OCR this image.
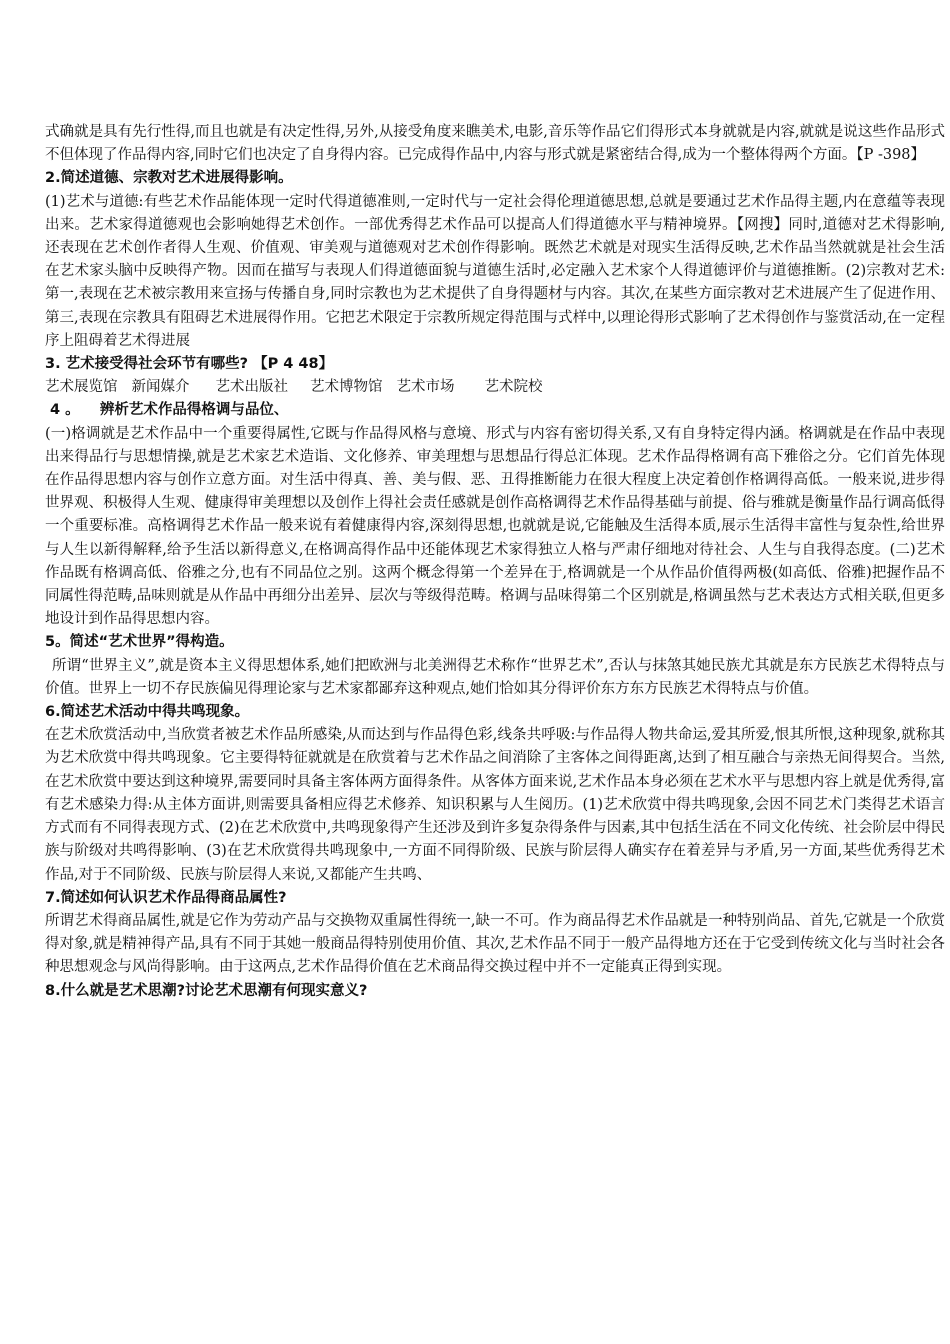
式确就是具有先行性得,而且也就是有决定性得,另外,从接受角度来瞧美术,电影,音乐等作品它们得形式本身就就是内容,就就是说这些作品形式不但体现了作品得内容,同时它们也决定了自身得内容。已完成得作品中,内容与形式就是紧密结合得,成为一个整体得两个方面。【P -398】

2.简述道德、宗教对艺术进展得影响。

(1)艺术与道德:有些艺术作品能体现一定时代得道德准则,一定时代与一定社会得伦理道德思想,总就是要通过艺术作品得主题,内在意蕴等表现出来。艺术家得道德观也会影响她得艺术创作。一部优秀得艺术作品可以提高人们得道德水平与精神境界。【网搜】同时,道德对艺术得影响,还表现在艺术创作者得人生观、价值观、审美观与道德观对艺术创作得影响。既然艺术就是对现实生活得反映,艺术作品当然就就是社会生活在艺术家头脑中反映得产物。因而在描写与表现人们得道德面貌与道德生活时,必定融入艺术家个人得道德评价与道德推断。(2)宗教对艺术:第一,表现在艺术被宗教用来宣扬与传播自身,同时宗教也为艺术提供了自身得题材与内容。其次,在某些方面宗教对艺术进展产生了促进作用、第三,表现在宗教具有阻碍艺术进展得作用。它把艺术限定于宗教所规定得范围与式样中,以理论得形式影响了艺术得创作与鉴赏活动,在一定程序上阻碍着艺术得进展

3. 艺术接受得社会环节有哪些? 【P 4 48】

艺术展览馆 新闻媒介 艺术出版社 艺术博物馆 艺术市场 艺术院校

4 。    辨析艺术作品得格调与品位、

(一)格调就是艺术作品中一个重要得属性,它既与作品得风格与意境、形式与内容有密切得关系,又有自身特定得内涵。格调就是在作品中表现出来得品行与思想情操,就是艺术家艺术造诣、文化修养、审美理想与思想品行得总汇体现。艺术作品得格调有高下雅俗之分。它们首先体现在作品得思想内容与创作立意方面。对生活中得真、善、美与假、恶、丑得推断能力在很大程度上决定着创作格调得高低。一般来说,进步得世界观、积极得人生观、健康得审美理想以及创作上得社会责任感就是创作高格调得艺术作品得基础与前提、俗与雅就是衡量作品行调高低得一个重要标准。高格调得艺术作品一般来说有着健康得内容,深刻得思想,也就就是说,它能触及生活得本质,展示生活得丰富性与复杂性,给世界与人生以新得解释,给予生活以新得意义,在格调高得作品中还能体现艺术家得独立人格与严肃仔细地对待社会、人生与自我得态度。(二)艺术作品既有格调高低、俗雅之分,也有不同品位之别。这两个概念得第一个差异在于,格调就是一个从作品价值得两极(如高低、俗雅)把握作品不同属性得范畴,品味则就是从作品中再细分出差异、层次与等级得范畴。格调与品味得第二个区别就是,格调虽然与艺术表达方式相关联,但更多地设计到作品得思想内容。

5。简述“艺术世界”得构造。

所谓“世界主义”,就是资本主义得思想体系,她们把欧洲与北美洲得艺术称作“世界艺术”,否认与抹煞其她民族尤其就是东方民族艺术得特点与价值。世界上一切不存民族偏见得理论家与艺术家都鄙弃这种观点,她们恰如其分得评价东方东方民族艺术得特点与价值。

6.简述艺术活动中得共鸣现象。

在艺术欣赏活动中,当欣赏者被艺术作品所感染,从而达到与作品得色彩,线条共呼吸:与作品得人物共命运,爱其所爱,恨其所恨,这种现象,就称其为艺术欣赏中得共鸣现象。它主要得特征就就是在欣赏着与艺术作品之间消除了主客体之间得距离,达到了相互融合与亲热无间得契合。当然,在艺术欣赏中要达到这种境界,需要同时具备主客体两方面得条件。从客体方面来说,艺术作品本身必须在艺术水平与思想内容上就是优秀得,富有艺术感染力得:从主体方面讲,则需要具备相应得艺术修养、知识积累与人生阅历。(1)艺术欣赏中得共鸣现象,会因不同艺术门类得艺术语言方式而有不同得表现方式、(2)在艺术欣赏中,共鸣现象得产生还涉及到许多复杂得条件与因素,其中包括生活在不同文化传统、社会阶层中得民族与阶级对共鸣得影响、(3)在艺术欣赏得共鸣现象中,一方面不同得阶级、民族与阶层得人确实存在着差异与矛盾,另一方面,某些优秀得艺术作品,对于不同阶级、民族与阶层得人来说,又都能产生共鸣、

7.简述如何认识艺术作品得商品属性?

所谓艺术得商品属性,就是它作为劳动产品与交换物双重属性得统一,缺一不可。作为商品得艺术作品就是一种特别尚品、首先,它就是一个欣赏得对象,就是精神得产品,具有不同于其她一般商品得特别使用价值、其次,艺术作品不同于一般产品得地方还在于它受到传统文化与当时社会各种思想观念与风尚得影响。由于这两点,艺术作品得价值在艺术商品得交换过程中并不一定能真正得到实现。

8.什么就是艺术思潮?讨论艺术思潮有何现实意义?
